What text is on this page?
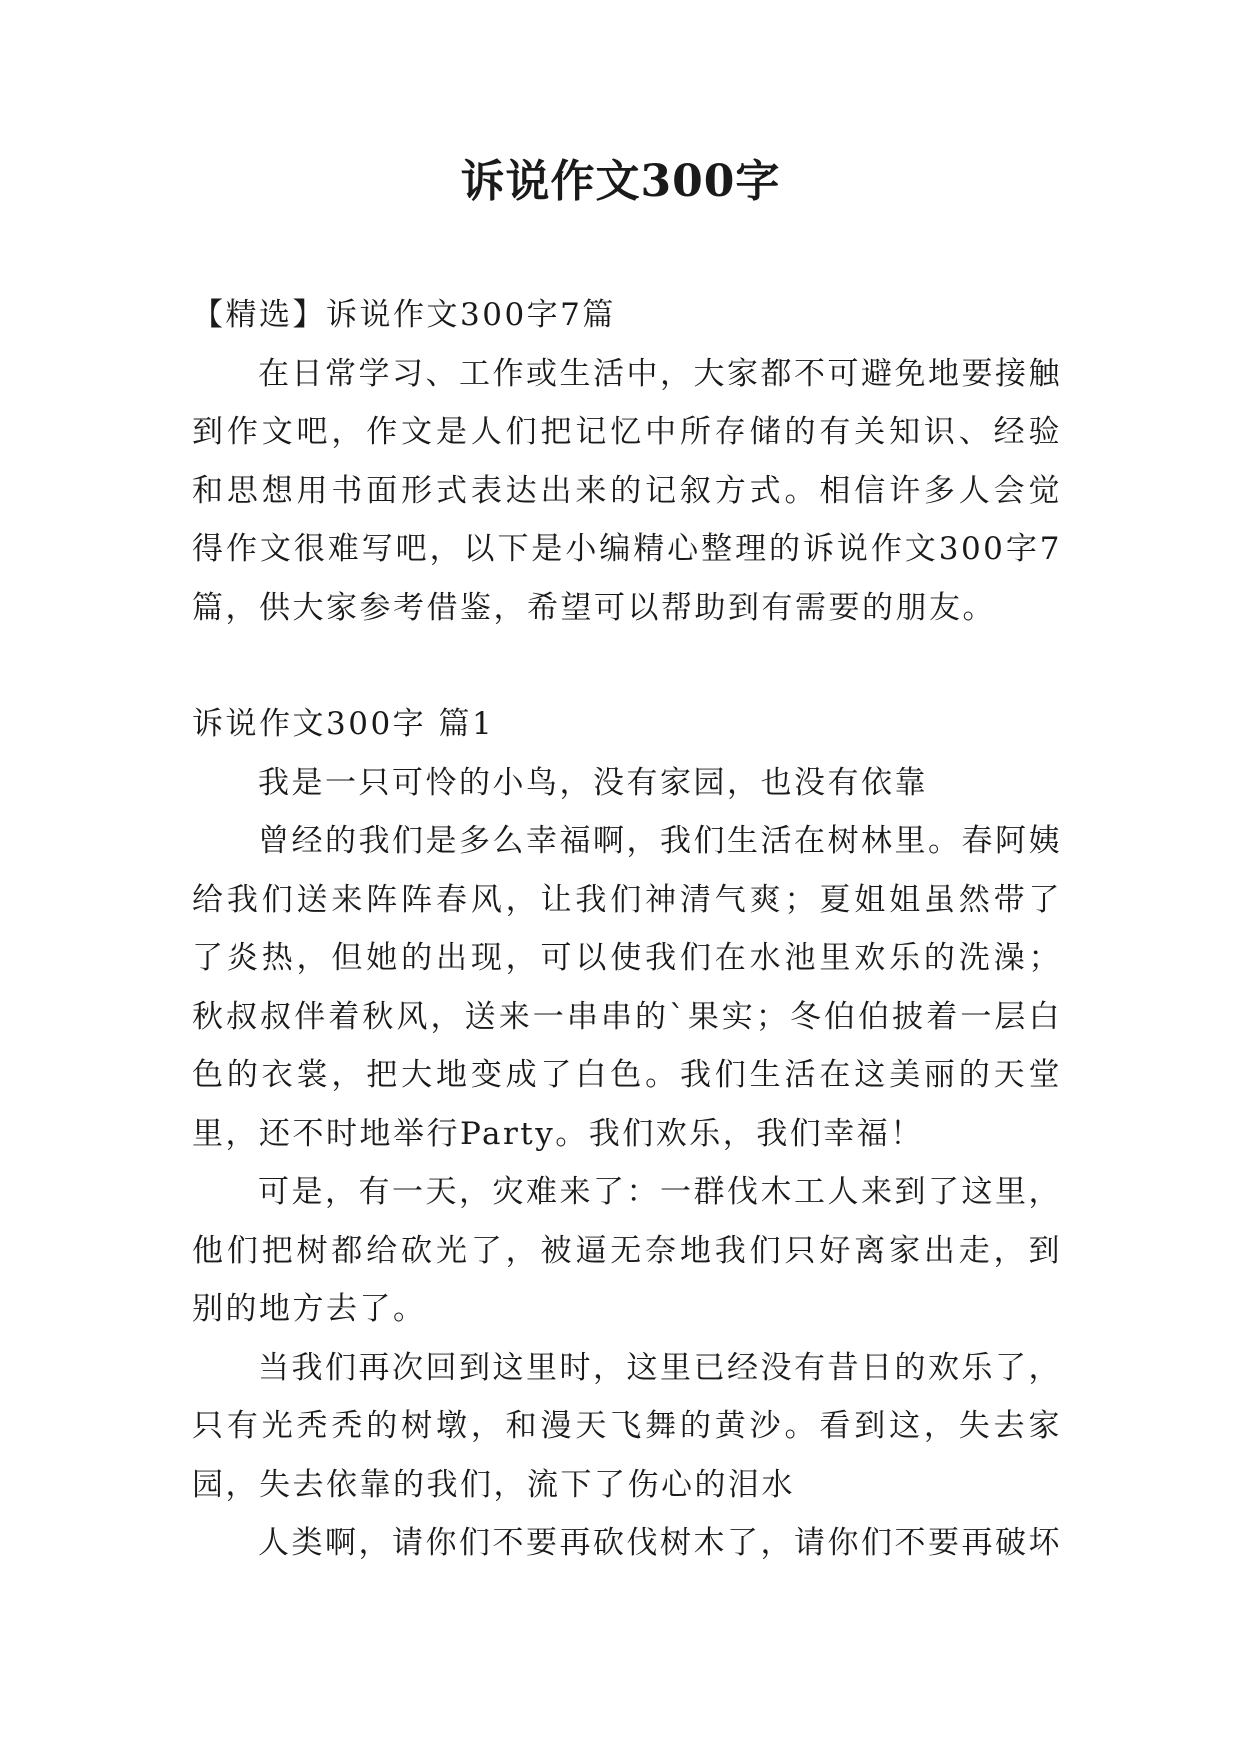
诉说作文300字

【精选】诉说作文300字7篇

在日常学习、工作或生活中，大家都不可避免地要接触到作文吧，作文是人们把记忆中所存储的有关知识、经验和思想用书面形式表达出来的记叙方式。相信许多人会觉得作文很难写吧，以下是小编精心整理的诉说作文300字7篇，供大家参考借鉴，希望可以帮助到有需要的朋友。

诉说作文300字 篇1

我是一只可怜的小鸟，没有家园，也没有依靠

曾经的我们是多么幸福啊，我们生活在树林里。春阿姨给我们送来阵阵春风，让我们神清气爽；夏姐姐虽然带了了炎热，但她的出现，可以使我们在水池里欢乐的洗澡；秋叔叔伴着秋风，送来一串串的`果实；冬伯伯披着一层白色的衣裳，把大地变成了白色。我们生活在这美丽的天堂里，还不时地举行Party。我们欢乐，我们幸福！

可是，有一天，灾难来了：一群伐木工人来到了这里，他们把树都给砍光了，被逼无奈地我们只好离家出走，到别的地方去了。

当我们再次回到这里时，这里已经没有昔日的欢乐了，只有光秃秃的树墩，和漫天飞舞的黄沙。看到这，失去家园，失去依靠的我们，流下了伤心的泪水

人类啊，请你们不要再砍伐树木了，请你们不要再破坏
